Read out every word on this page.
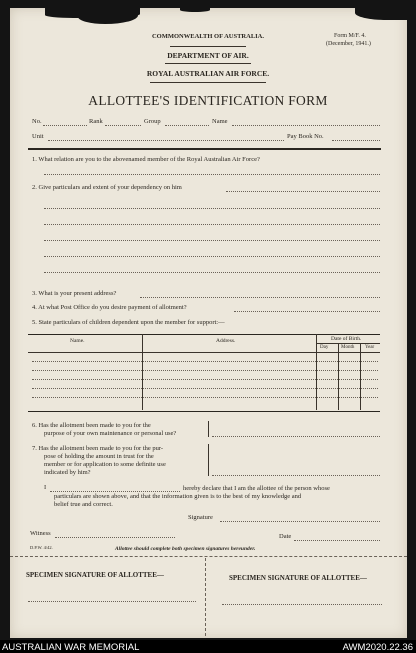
COMMONWEALTH OF AUSTRALIA.	Form M/F. 4.
(December, 1941.)
DEPARTMENT OF AIR.
ROYAL AUSTRALIAN AIR FORCE.
ALLOTTEE'S IDENTIFICATION FORM
No.	Rank	Group	Name
Unit	Pay Book No.
1. What relation are you to the abovenamed member of the Royal Australian Air Force?
2. Give particulars and extent of your dependency on him
3. What is your present address?
4. At what Post Office do you desire payment of allotment?
5. State particulars of children dependent upon the member for support:—
Name.	Address.	Date of Birth.
Day	Month Year
6. Has the allotment been made to you for the
purpose of your own maintenance or personal use?
7. Has the allotment been made to you for the pur-
pose of holding the amount in trust for the
member or for application to some definite use
indicated by him?
I	hereby declare that I am the allottee of the person whose
particulars are shown above, and that the information given is to the best of my knowledge and
belief true and correct.
Signature
Witness	Date
D.P.W. 4/42.	Allottee should complete both specimen signatures hereunder.
SPECIMEN SIGNATURE OF ALLOTTEE—	SPECIMEN SIGNATURE OF ALLOTTEE—
AUSTRALIAN WAR MEMORIAL	AWM2020.22.36
